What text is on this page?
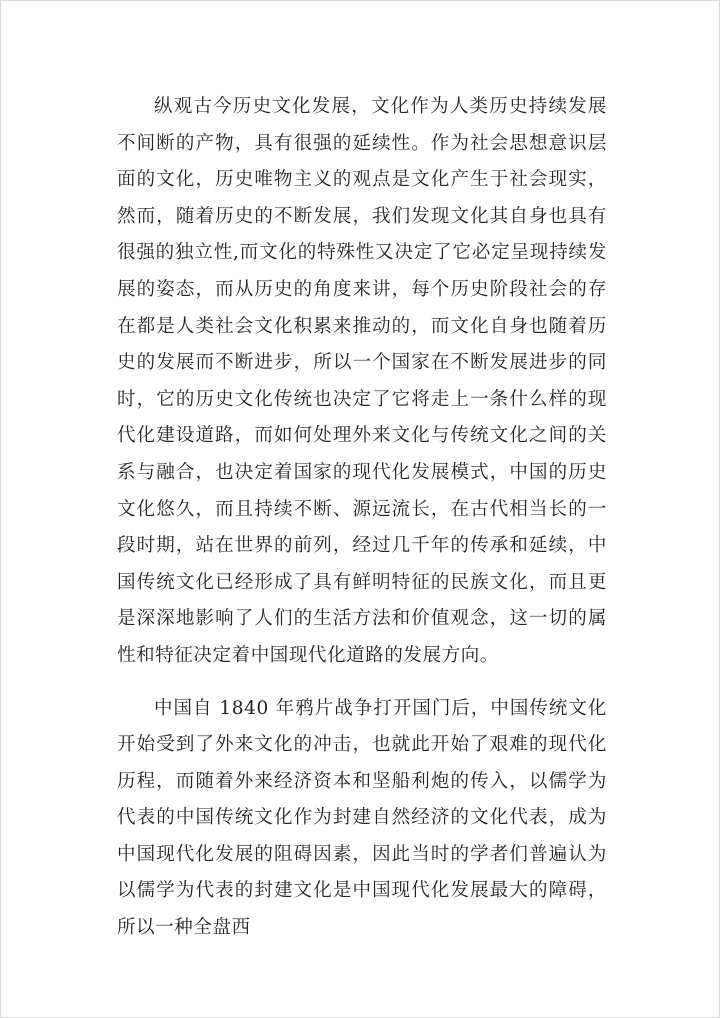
纵观古今历史文化发展，文化作为人类历史持续发展不间断的产物，具有很强的延续性。作为社会思想意识层面的文化，历史唯物主义的观点是文化产生于社会现实，然而，随着历史的不断发展，我们发现文化其自身也具有很强的独立性,而文化的特殊性又决定了它必定呈现持续发展的姿态，而从历史的角度来讲，每个历史阶段社会的存在都是人类社会文化积累来推动的，而文化自身也随着历史的发展而不断进步，所以一个国家在不断发展进步的同时，它的历史文化传统也决定了它将走上一条什么样的现代化建设道路，而如何处理外来文化与传统文化之间的关系与融合，也决定着国家的现代化发展模式，中国的历史文化悠久，而且持续不断、源远流长，在古代相当长的一段时期，站在世界的前列，经过几千年的传承和延续，中国传统文化已经形成了具有鲜明特征的民族文化，而且更是深深地影响了人们的生活方法和价值观念，这一切的属性和特征决定着中国现代化道路的发展方向。

中国自 1840 年鸦片战争打开国门后，中国传统文化开始受到了外来文化的冲击，也就此开始了艰难的现代化历程，而随着外来经济资本和坚船利炮的传入，以儒学为代表的中国传统文化作为封建自然经济的文化代表，成为中国现代化发展的阻碍因素，因此当时的学者们普遍认为以儒学为代表的封建文化是中国现代化发展最大的障碍，所以一种全盘西
